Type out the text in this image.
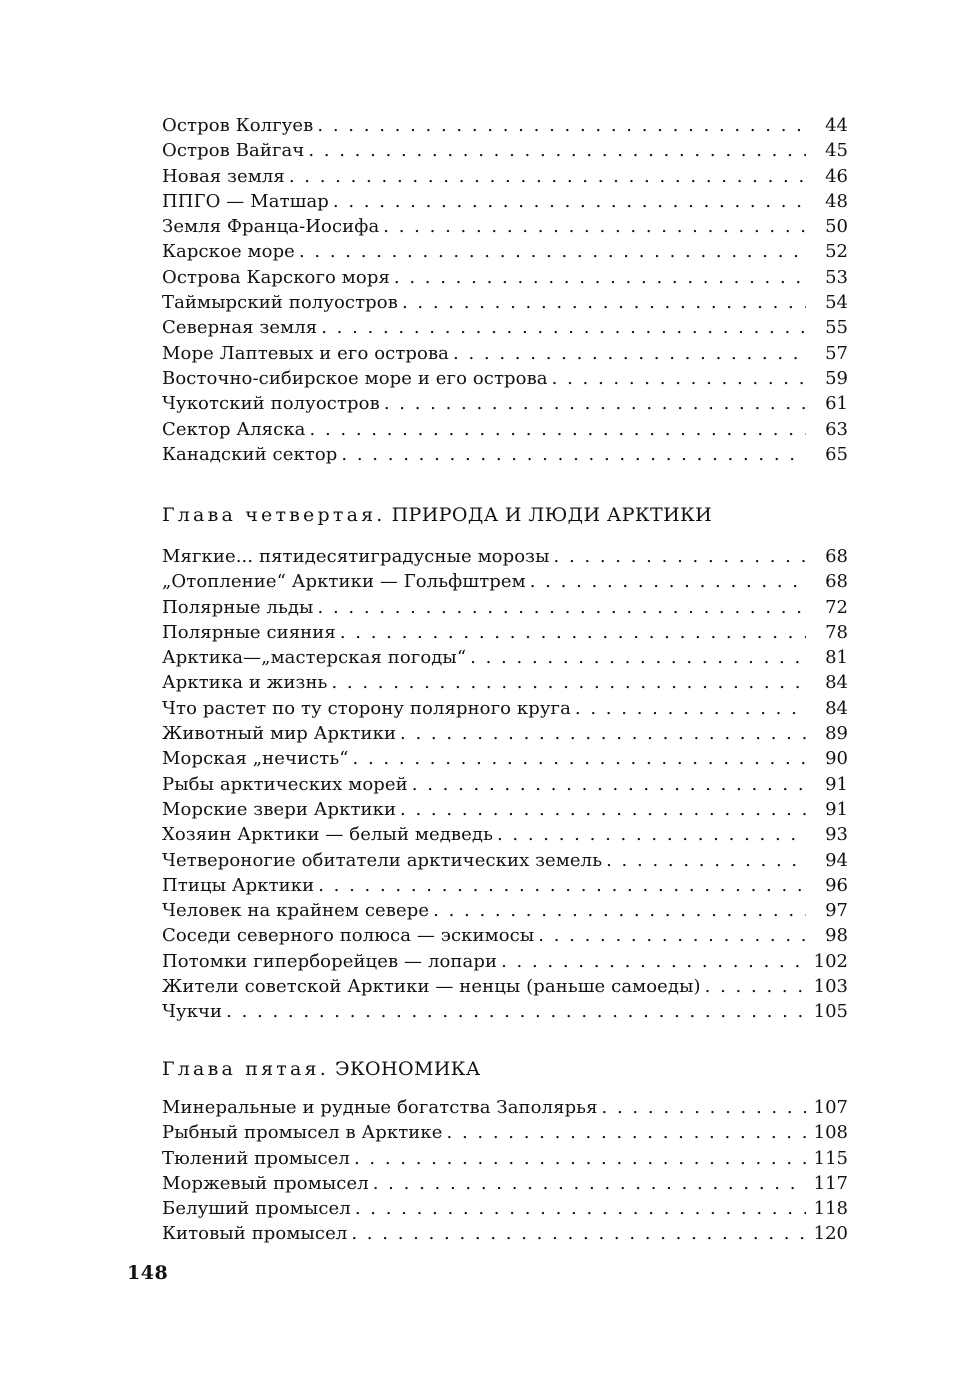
Остров Колгуев . . .	44
Остров Вайгач . . .	45
Новая земля . . .	46
ППГО — Матшар . . .	48
Земля Франца-Иосифа . . .	50
Карское море . . .	52
Острова Карского моря . . .	53
Таймырский полуостров . . .	54
Северная земля . . .	55
Море Лаптевых и его острова . . .	57
Восточно-сибирское море и его острова . . .	59
Чукотский полуостров . . .	61
Сектор Аляска . . .	63
Канадский сектор . . .	65
Глава четвертая. ПРИРОДА И ЛЮДИ АРКТИКИ
Мягкие... пятидесятиградусные морозы . . .	68
„Отопление“ Арктики — Гольфштрем . . .	68
Полярные льды . . .	72
Полярные сияния . . .	78
Арктика—„мастерская погоды“ . . .	81
Арктика и жизнь . . .	84
Что растет по ту сторону полярного круга . . .	84
Животный мир Арктики . . .	89
Морская „нечисть“ . . .	90
Рыбы арктических морей . . .	91
Морские звери Арктики . . .	91
Хозяин Арктики — белый медведь . . .	93
Четвероногие обитатели арктических земель . . .	94
Птицы Арктики . . .	96
Человек на крайнем севере . . .	97
Соседи северного полюса — эскимосы . . .	98
Потомки гиперборейцев — лопари . . .	102
Жители советской Арктики — ненцы (раньше самоеды) . . .	103
Чукчи . . .	105
Глава пятая. ЭКОНОМИКА
Минеральные и рудные богатства Заполярья . . .	107
Рыбный промысел в Арктике . . .	108
Тюлений промысел . . .	115
Моржевый промысел . . .	117
Белуший промысел . . .	118
Китовый промысел . . .	120
148
